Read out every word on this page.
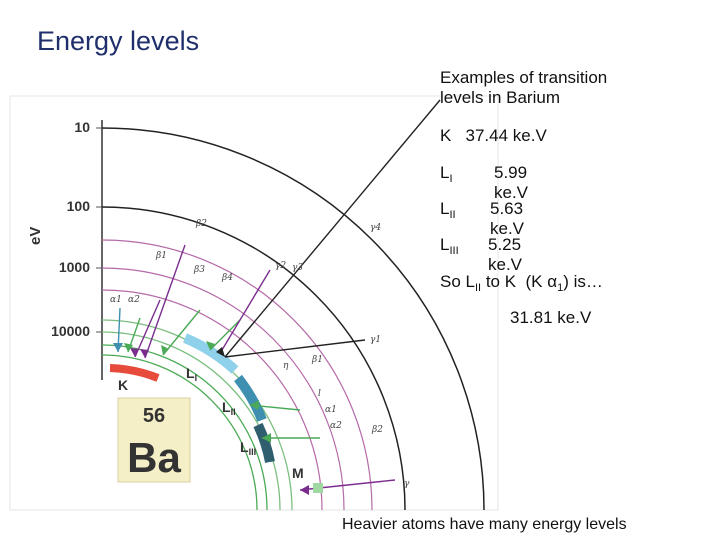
Energy levels
10
100
1000
10000
eV
β2
β1
β3
β4
γ2 γ3
γ4
α1 α2
γ1
η
β1
l
α1
α2	β2
γ
K
$L_I$
$L_{II}$
$L_{III}$
M
56
Ba
Examples of transition
levels in Barium
K 37.44 ke.V
$L_I$ 5.99 ke.V
$L_{II}$ 5.63 ke.V
$L_{III}$ 5.25 ke.V
So $L_{II}$ to K  (K $\alpha_1$) is…
31.81 ke.V
Heavier atoms have many energy levels
